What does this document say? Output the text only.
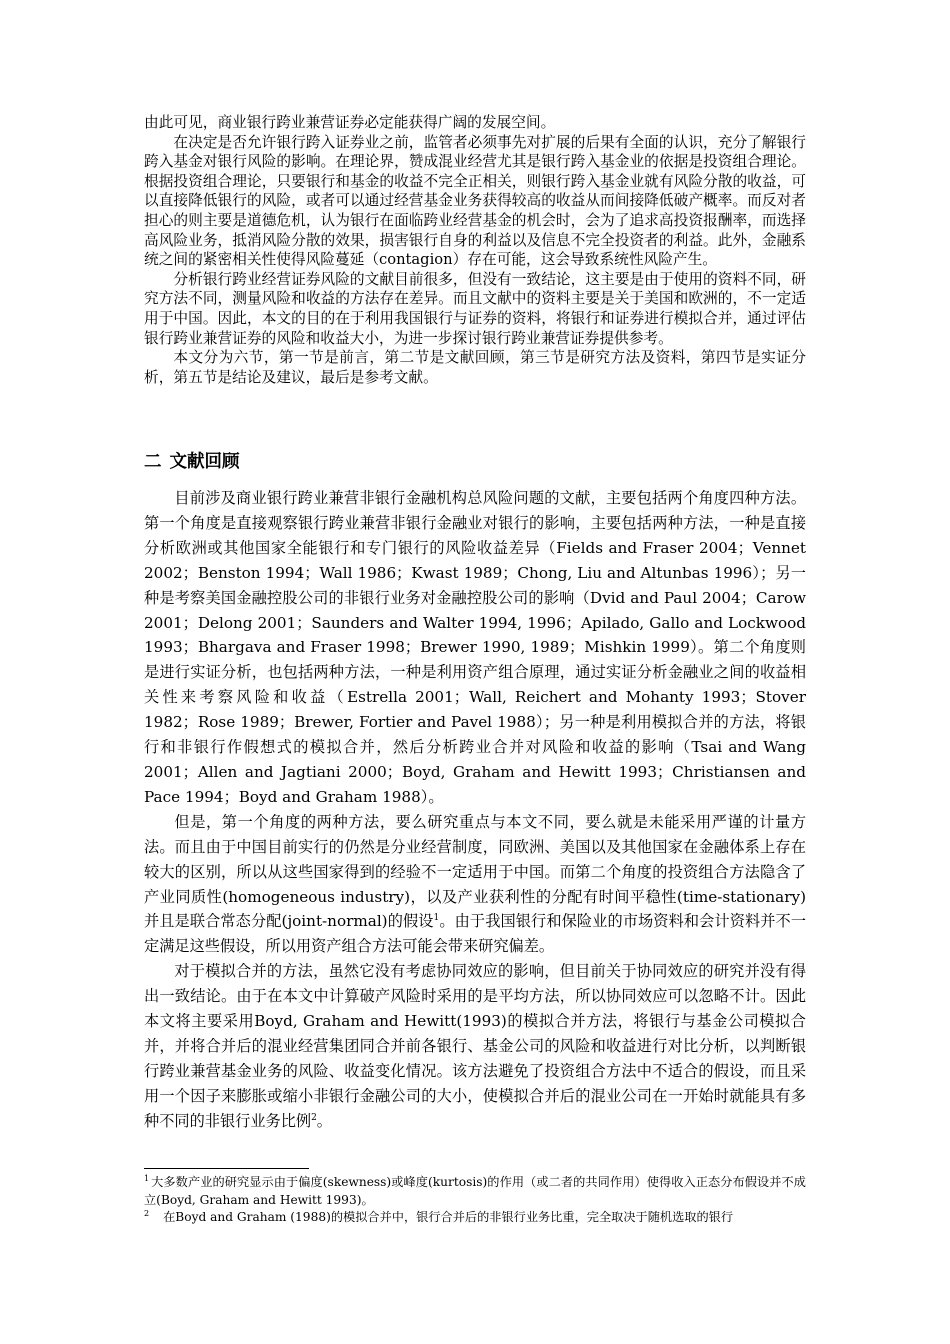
由此可见，商业银行跨业兼营证券必定能获得广阔的发展空间。

在决定是否允许银行跨入证券业之前，监管者必须事先对扩展的后果有全面的认识，充分了解银行跨入基金对银行风险的影响。在理论界，赞成混业经营尤其是银行跨入基金业的依据是投资组合理论。根据投资组合理论，只要银行和基金的收益不完全正相关，则银行跨入基金业就有风险分散的收益，可以直接降低银行的风险，或者可以通过经营基金业务获得较高的收益从而间接降低破产概率。而反对者担心的则主要是道德危机，认为银行在面临跨业经营基金的机会时，会为了追求高投资报酬率，而选择高风险业务，抵消风险分散的效果，损害银行自身的利益以及信息不完全投资者的利益。此外，金融系统之间的紧密相关性使得风险蔓延（contagion）存在可能，这会导致系统性风险产生。

分析银行跨业经营证券风险的文献目前很多，但没有一致结论，这主要是由于使用的资料不同，研究方法不同，测量风险和收益的方法存在差异。而且文献中的资料主要是关于美国和欧洲的，不一定适用于中国。因此，本文的目的在于利用我国银行与证券的资料，将银行和证券进行模拟合并，通过评估银行跨业兼营证券的风险和收益大小，为进一步探讨银行跨业兼营证券提供参考。

本文分为六节，第一节是前言，第二节是文献回顾，第三节是研究方法及资料，第四节是实证分析，第五节是结论及建议，最后是参考文献。

二 文献回顾

目前涉及商业银行跨业兼营非银行金融机构总风险问题的文献，主要包括两个角度四种方法。第一个角度是直接观察银行跨业兼营非银行金融业对银行的影响，主要包括两种方法，一种是直接分析欧洲或其他国家全能银行和专门银行的风险收益差异（Fields and Fraser 2004；Vennet 2002；Benston 1994；Wall 1986；Kwast 1989；Chong, Liu and Altunbas 1996）；另一种是考察美国金融控股公司的非银行业务对金融控股公司的影响（Dvid and Paul 2004；Carow 2001；Delong 2001；Saunders and Walter 1994, 1996；Apilado, Gallo and Lockwood 1993；Bhargava and Fraser 1998；Brewer 1990, 1989；Mishkin 1999）。第二个角度则是进行实证分析，也包括两种方法，一种是利用资产组合原理，通过实证分析金融业之间的收益相关性来考察风险和收益（Estrella 2001；Wall, Reichert and Mohanty 1993；Stover 1982；Rose 1989；Brewer, Fortier and Pavel 1988）；另一种是利用模拟合并的方法，将银行和非银行作假想式的模拟合并，然后分析跨业合并对风险和收益的影响（Tsai and Wang 2001；Allen and Jagtiani 2000；Boyd, Graham and Hewitt 1993；Christiansen and Pace 1994；Boyd and Graham 1988）。

但是，第一个角度的两种方法，要么研究重点与本文不同，要么就是未能采用严谨的计量方法。而且由于中国目前实行的仍然是分业经营制度，同欧洲、美国以及其他国家在金融体系上存在较大的区别，所以从这些国家得到的经验不一定适用于中国。而第二个角度的投资组合方法隐含了产业同质性(homogeneous industry)，以及产业获利性的分配有时间平稳性(time-stationary)并且是联合常态分配(joint-normal)的假设$^1$。由于我国银行和保险业的市场资料和会计资料并不一定满足这些假设，所以用资产组合方法可能会带来研究偏差。

对于模拟合并的方法，虽然它没有考虑协同效应的影响，但目前关于协同效应的研究并没有得出一致结论。由于在本文中计算破产风险时采用的是平均方法，所以协同效应可以忽略不计。因此本文将主要采用Boyd, Graham and Hewitt(1993)的模拟合并方法，将银行与基金公司模拟合并，并将合并后的混业经营集团同合并前各银行、基金公司的风险和收益进行对比分析，以判断银行跨业兼营基金业务的风险、收益变化情况。该方法避免了投资组合方法中不适合的假设，而且采用一个因子来膨胀或缩小非银行金融公司的大小，使模拟合并后的混业公司在一开始时就能具有多种不同的非银行业务比例$^2$。

$^1$ 大多数产业的研究显示由于偏度(skewness)或峰度(kurtosis)的作用（或二者的共同作用）使得收入正态分布假设并不成立(Boyd, Graham and Hewitt 1993)。

$^2$ 在Boyd and Graham (1988)的模拟合并中，银行合并后的非银行业务比重，完全取决于随机选取的银行
